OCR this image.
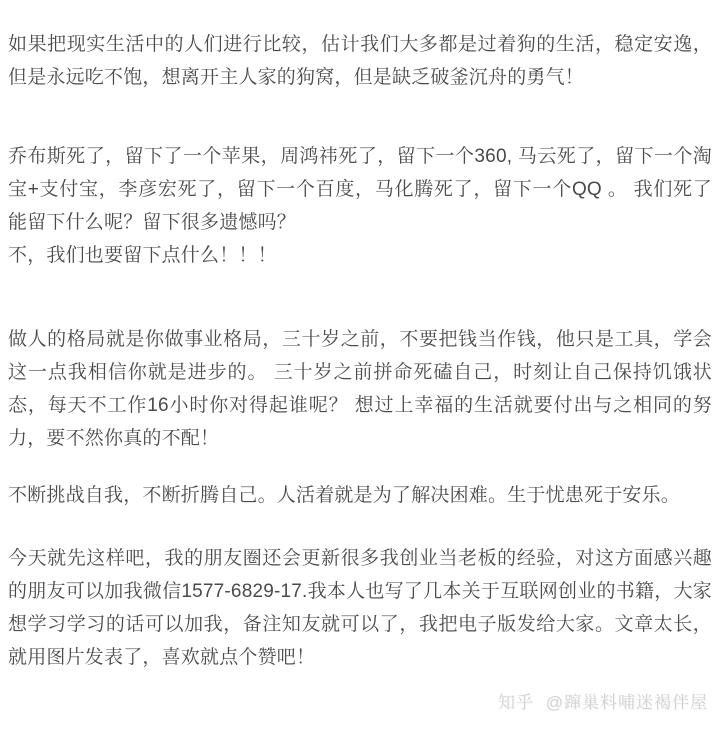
如果把现实生活中的人们进行比较，估计我们大多都是过着狗的生活，稳定安逸，但是永远吃不饱，想离开主人家的狗窝，但是缺乏破釜沉舟的勇气！

乔布斯死了，留下了一个苹果，周鸿祎死了，留下一个360, 马云死了，留下一个淘宝+支付宝，李彦宏死了，留下一个百度，马化腾死了，留下一个QQ 。 我们死了能留下什么呢？留下很多遗憾吗？

不，我们也要留下点什么！！！

做人的格局就是你做事业格局，三十岁之前，不要把钱当作钱，他只是工具，学会这一点我相信你就是进步的。 三十岁之前拼命死磕自己，时刻让自己保持饥饿状态，每天不工作16小时你对得起谁呢？ 想过上幸福的生活就要付出与之相同的努力，要不然你真的不配！

不断挑战自我，不断折腾自己。人活着就是为了解决困难。生于忧患死于安乐。

今天就先这样吧，我的朋友圈还会更新很多我创业当老板的经验，对这方面感兴趣的朋友可以加我微信1577-6829-17.我本人也写了几本关于互联网创业的书籍，大家想学习学习的话可以加我，备注知友就可以了，我把电子版发给大家。文章太长，就用图片发表了，喜欢就点个赞吧！

知乎 @蹿巢料哺迷褐伴屋
